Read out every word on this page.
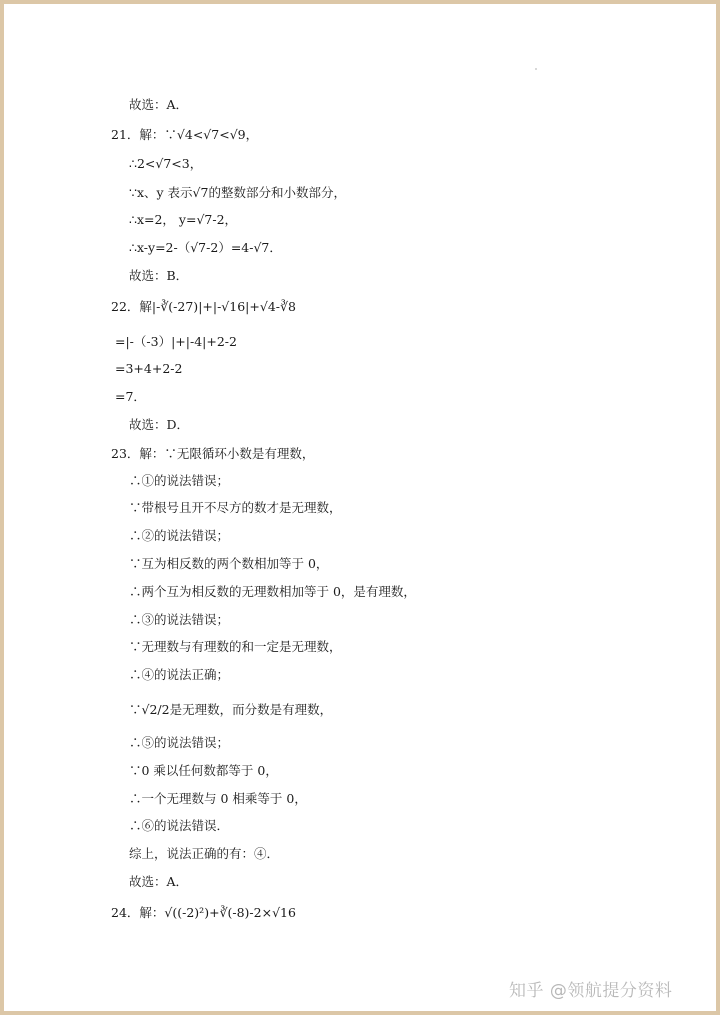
故选：A．
21．解：∵√4<√7<√9，
∴2<√7<3，
∵x、y 表示√7的整数部分和小数部分，
∴x=2， y=√7-2，
∴x-y=2-（√7-2）=4-√7．
故选：B．
22．解|-∛(-27)|+|-√16|+√4-∛8
=|-（-3）|+|-4|+2-2
=3+4+2-2
=7．
故选：D．
23．解：∵无限循环小数是有理数，
∴①的说法错误；
∵带根号且开不尽方的数才是无理数，
∴②的说法错误；
∵互为相反数的两个数相加等于 0，
∴两个互为相反数的无理数相加等于 0，是有理数，
∴③的说法错误；
∵无理数与有理数的和一定是无理数，
∴④的说法正确；
∵√2/2是无理数，而分数是有理数，
∴⑤的说法错误；
∵0 乘以任何数都等于 0，
∴一个无理数与 0 相乘等于 0，
∴⑥的说法错误．
综上，说法正确的有：④．
故选：A．
24．解：√((-2)²)+∛(-8)-2×√16
知乎 @领航提分资料
